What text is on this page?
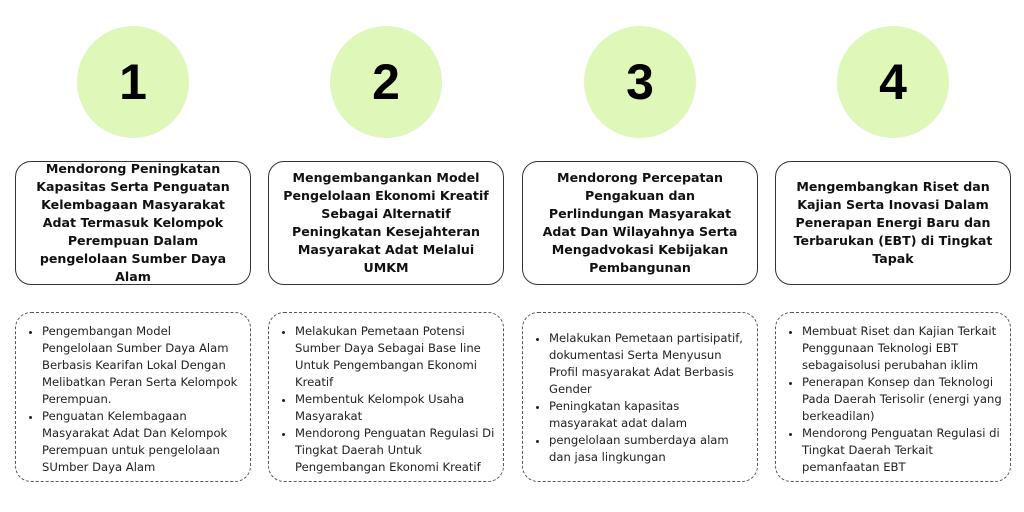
1
Mendorong Peningkatan Kapasitas Serta Penguatan Kelembagaan Masyarakat Adat Termasuk Kelompok Perempuan Dalam pengelolaan Sumber Daya Alam
• Pengembangan Model Pengelolaan Sumber Daya Alam Berbasis Kearifan Lokal Dengan Melibatkan Peran Serta Kelompok Perempuan.
• Penguatan Kelembagaan Masyarakat Adat Dan Kelompok Perempuan untuk pengelolaan SUmber Daya Alam
2
Mengembangankan Model Pengelolaan Ekonomi Kreatif Sebagai Alternatif Peningkatan Kesejahteran Masyarakat Adat Melalui UMKM
• Melakukan Pemetaan Potensi Sumber Daya Sebagai Base line Untuk Pengembangan Ekonomi Kreatif
• Membentuk Kelompok Usaha Masyarakat
• Mendorong Penguatan Regulasi Di Tingkat Daerah Untuk Pengembangan Ekonomi Kreatif
3
Mendorong Percepatan Pengakuan dan Perlindungan Masyarakat Adat Dan Wilayahnya Serta Mengadvokasi Kebijakan Pembangunan
• Melakukan Pemetaan partisipatif, dokumentasi Serta Menyusun Profil masyarakat Adat Berbasis Gender
• Peningkatan kapasitas masyarakat adat dalam
• pengelolaan sumberdaya alam dan jasa lingkungan
4
Mengembangkan Riset dan Kajian Serta Inovasi Dalam Penerapan Energi Baru dan Terbarukan (EBT) di Tingkat Tapak
• Membuat Riset dan Kajian Terkait Penggunaan Teknologi EBT sebagaisolusi perubahan iklim
• Penerapan Konsep dan Teknologi Pada Daerah Terisolir (energi yang berkeadilan)
• Mendorong Penguatan Regulasi di Tingkat Daerah Terkait pemanfaatan EBT
